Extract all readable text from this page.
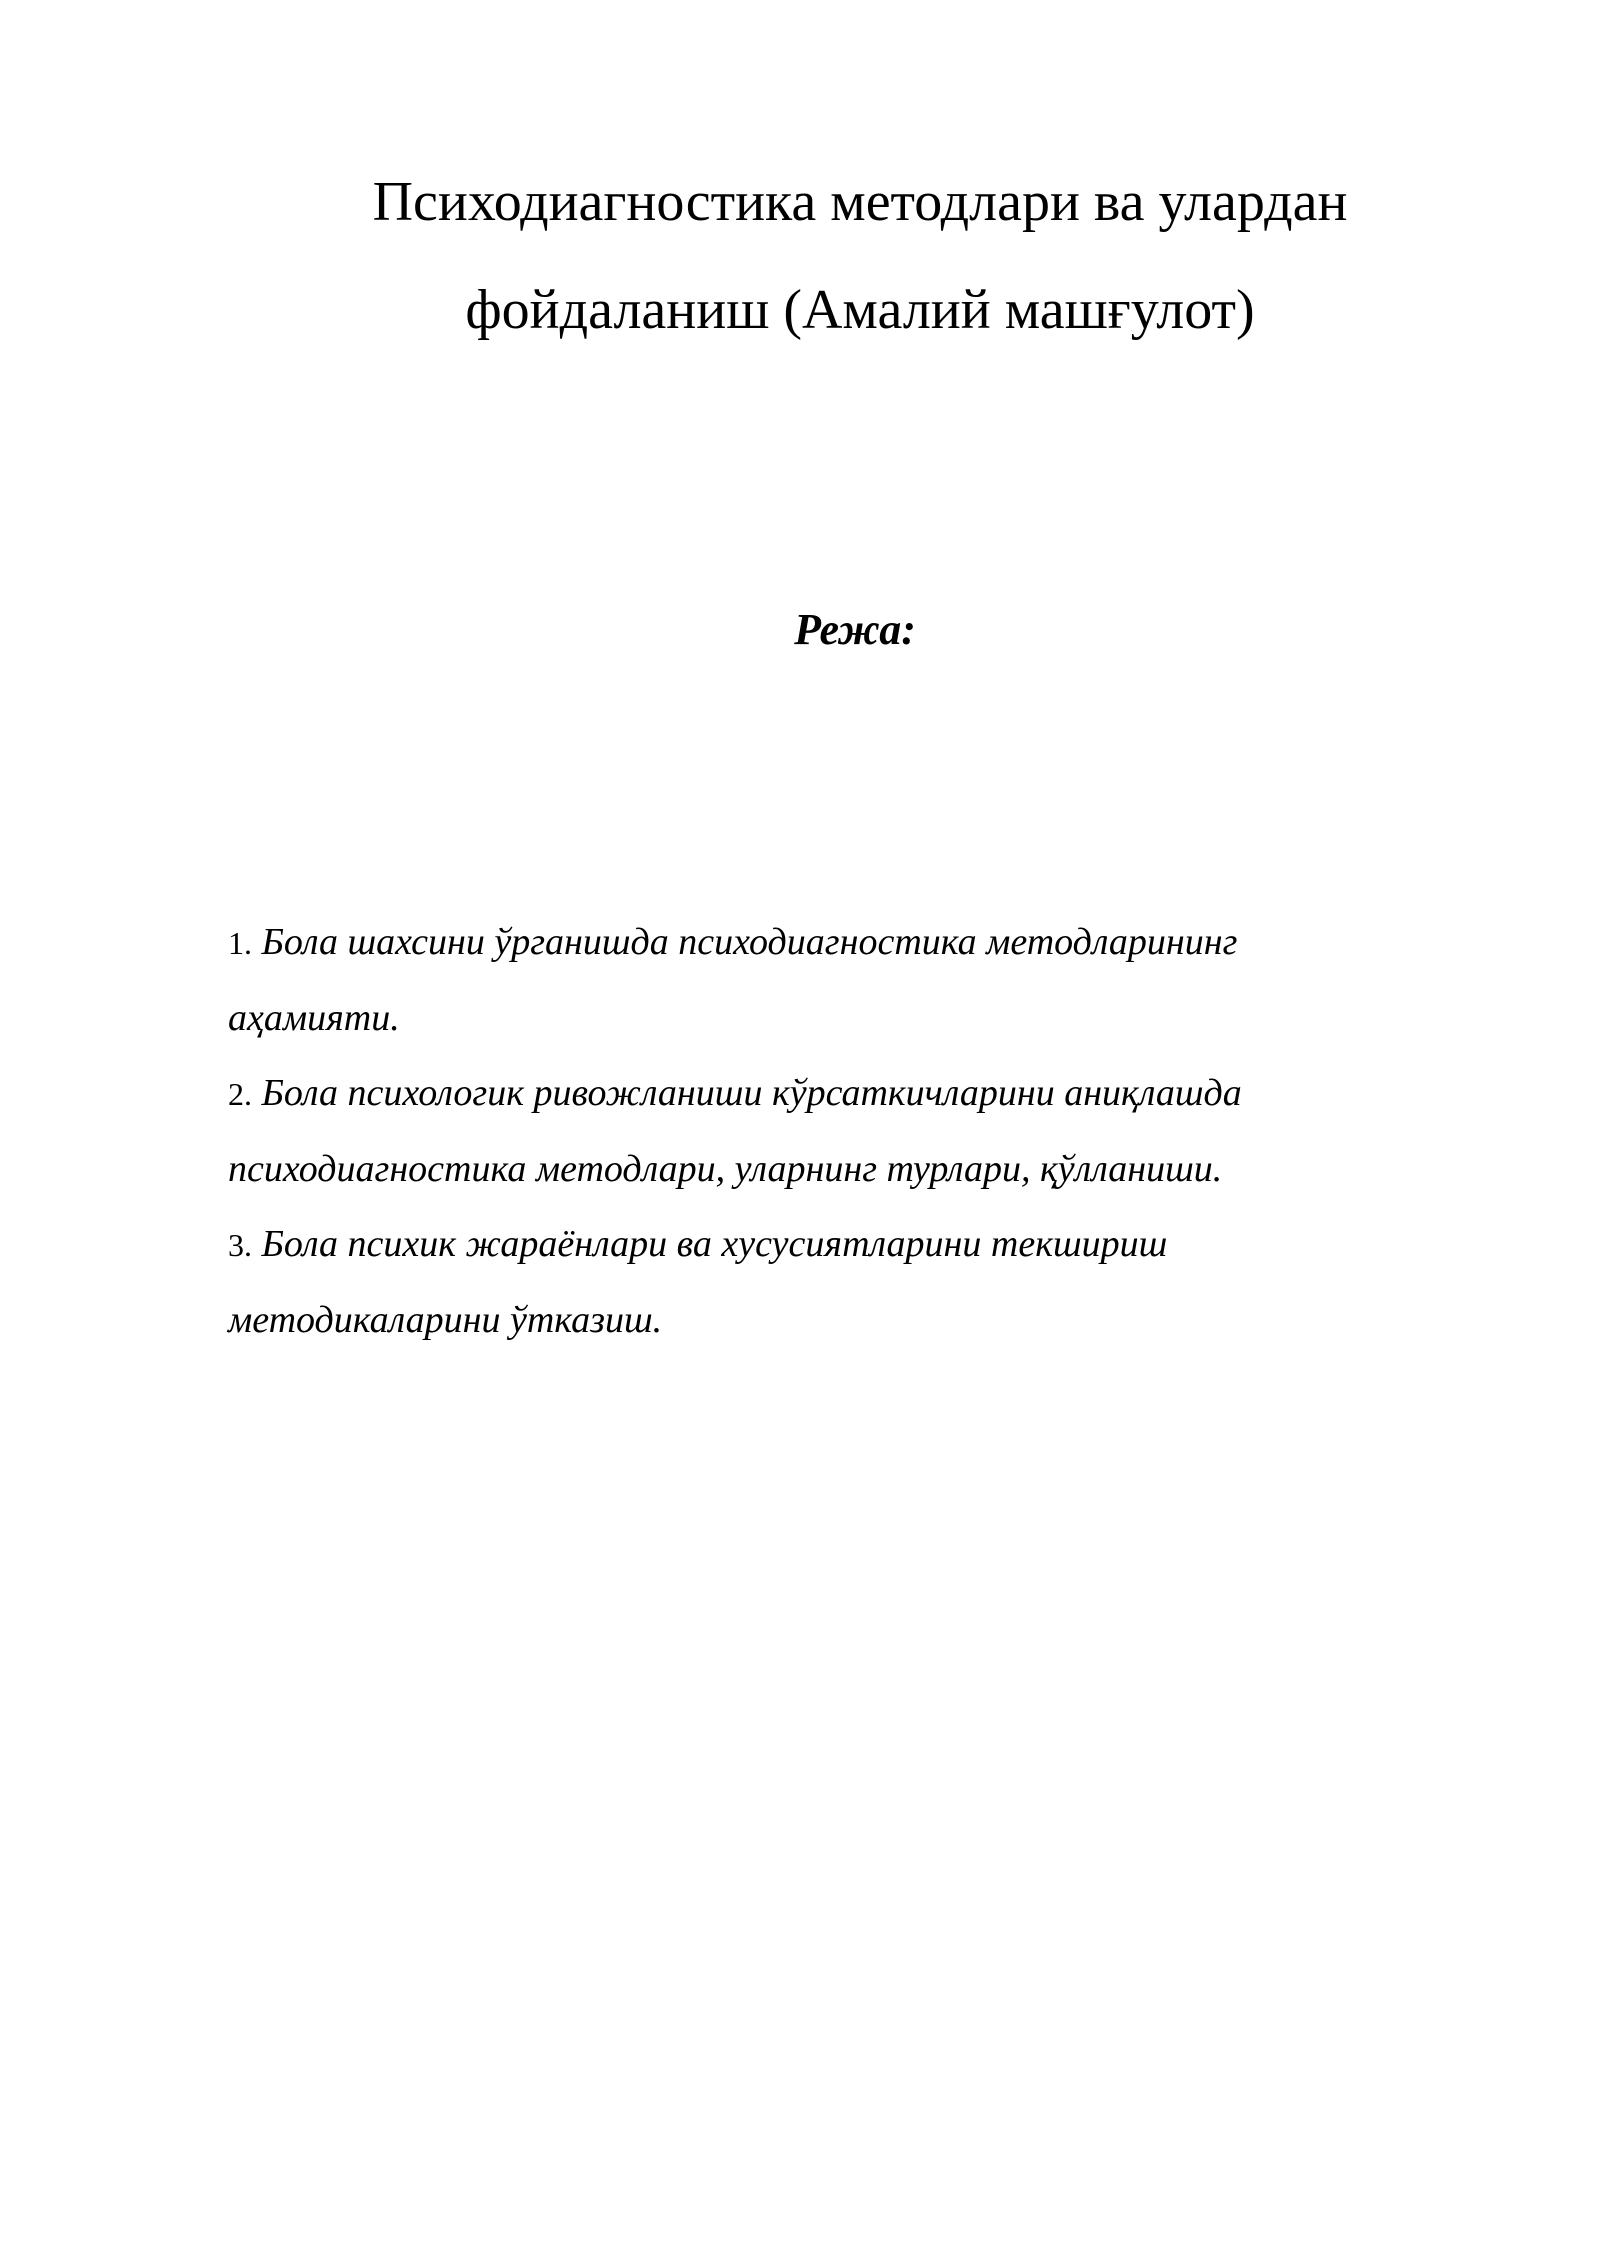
Психодиагностика методлари ва улардан
фойдаланиш (Амалий машғулот)
Режа:
1. Бола шахсини ўрганишда психодиагностика методларининг
аҳамияти.
2. Бола психологик ривожланиши кўрсаткичларини аниқлашда
психодиагностика методлари, уларнинг турлари, қўлланиши.
3. Бола психик жараёнлари ва хусусиятларини текшириш
методикаларини ўтказиш.
